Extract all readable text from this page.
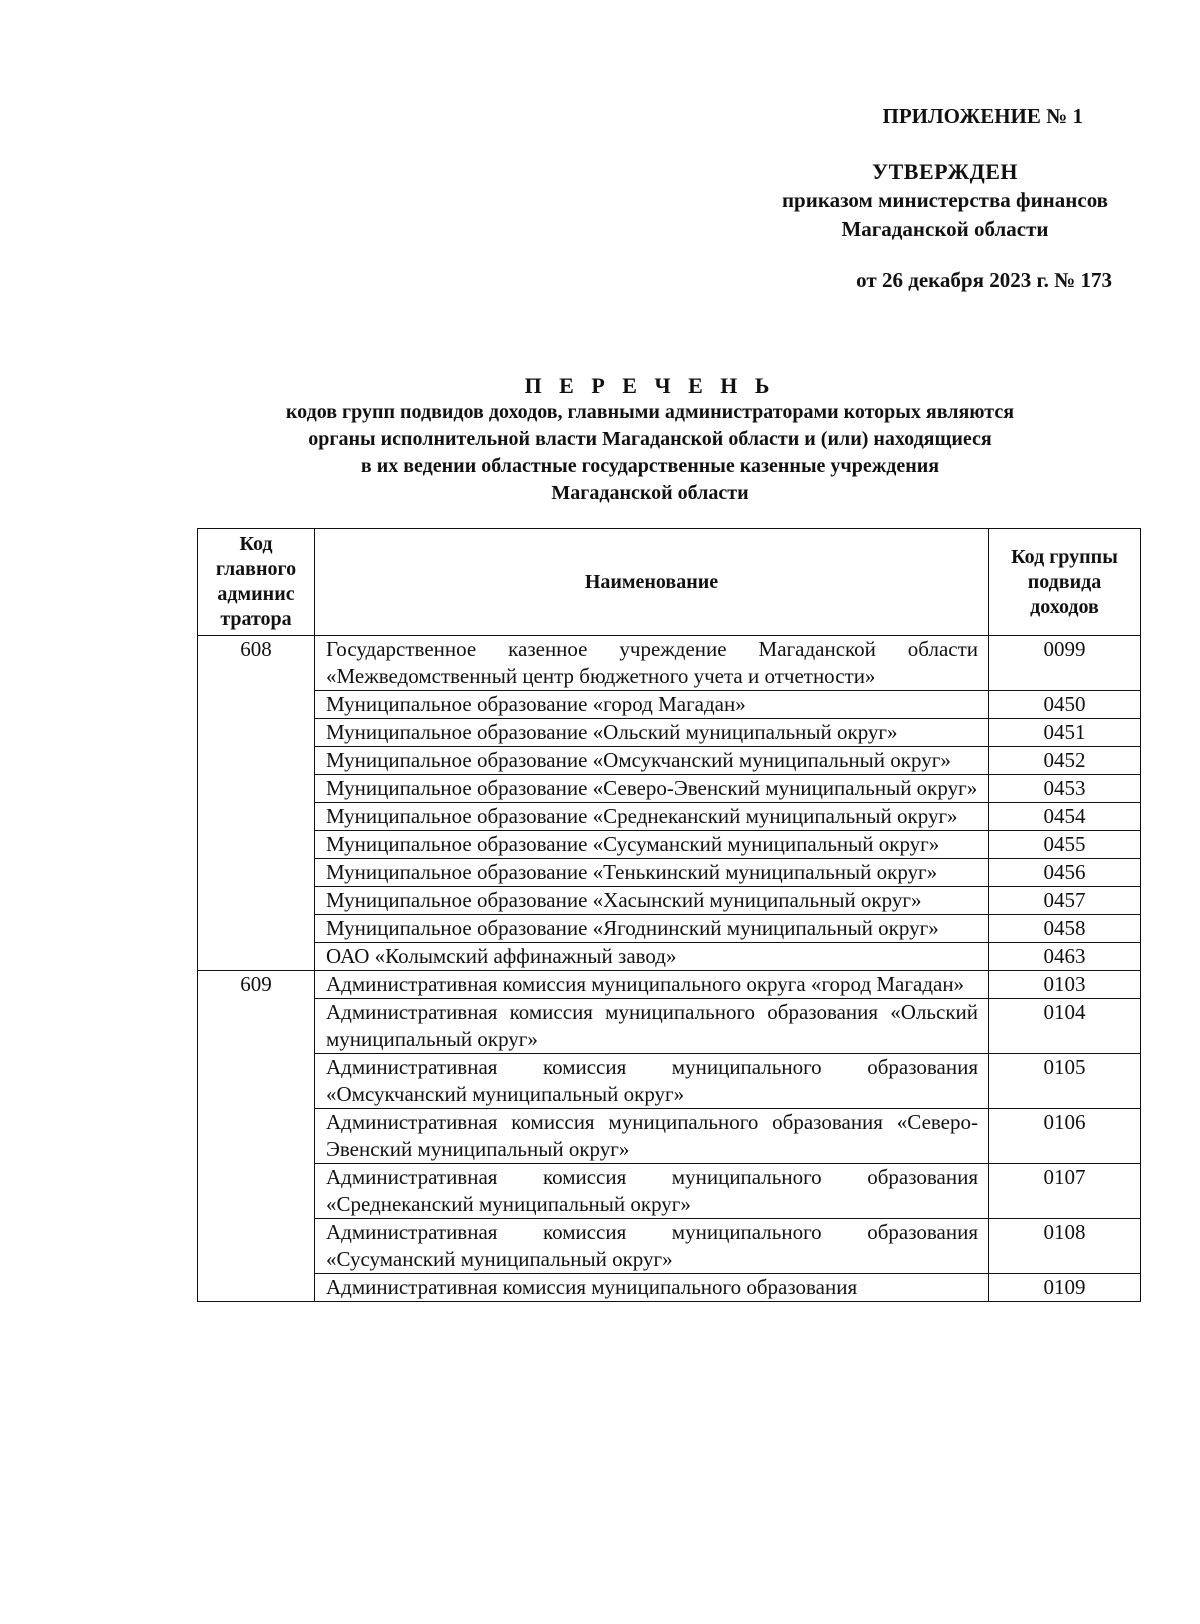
ПРИЛОЖЕНИЕ № 1
УТВЕРЖДЕН
приказом министерства финансов
Магаданской области
от 26 декабря 2023 г. № 173
П Е Р Е Ч Е Н Ь
кодов групп подвидов доходов, главными администраторами которых являются
органы исполнительной власти Магаданской области и (или) находящиеся
в их ведении областные государственные казенные учреждения
Магаданской области
Код главного админис тратора	Наименование	Код группы подвида доходов
608	Государственное казенное учреждение Магаданской области «Межведомственный центр бюджетного учета и отчетности»	0099
	Муниципальное образование «город Магадан»	0450
	Муниципальное образование «Ольский муниципальный округ»	0451
	Муниципальное образование «Омсукчанский муниципальный округ»	0452
	Муниципальное образование «Северо-Эвенский муниципальный округ»	0453
	Муниципальное образование «Среднеканский муниципальный округ»	0454
	Муниципальное образование «Сусуманский муниципальный округ»	0455
	Муниципальное образование «Тенькинский муниципальный округ»	0456
	Муниципальное образование «Хасынский муниципальный округ»	0457
	Муниципальное образование «Ягоднинский муниципальный округ»	0458
	ОАО «Колымский аффинажный завод»	0463
609	Административная комиссия муниципального округа «город Магадан»	0103
	Административная комиссия муниципального образования «Ольский муниципальный округ»	0104
	Административная комиссия муниципального образования «Омсукчанский муниципальный округ»	0105
	Административная комиссия муниципального образования «Северо-Эвенский муниципальный округ»	0106
	Административная комиссия муниципального образования «Среднеканский муниципальный округ»	0107
	Административная комиссия муниципального образования «Сусуманский муниципальный округ»	0108
	Административная комиссия муниципального образования	0109
